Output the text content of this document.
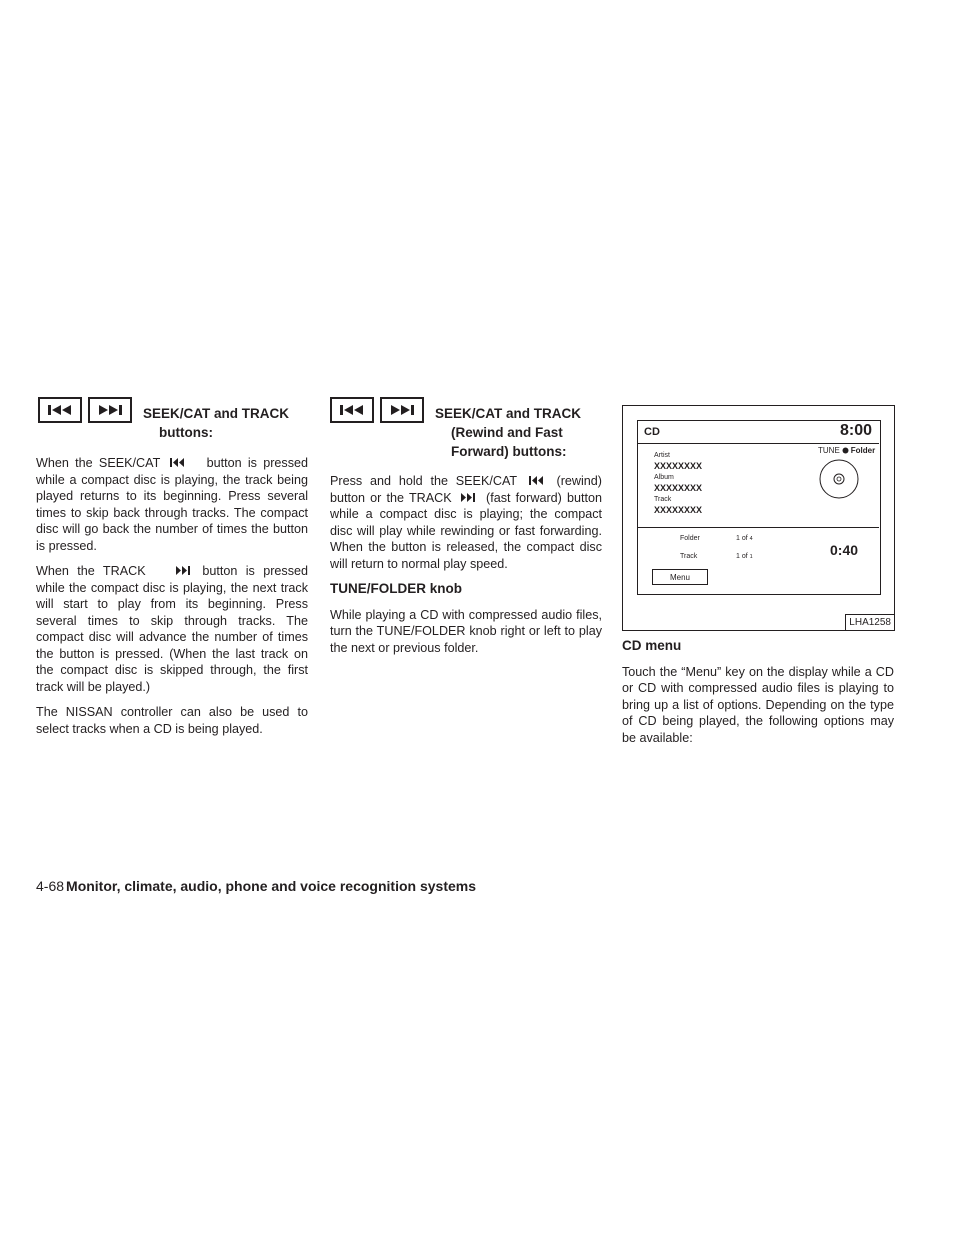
SEEK/CAT and TRACK
buttons:

When the SEEK/CAT	button is pressed while a compact disc is playing, the track being played returns to its beginning. Press several times to skip back through tracks. The compact disc will go back the number of times the button is pressed.

When the TRACK	button is pressed while the compact disc is playing, the next track will start to play from its beginning. Press several times to skip through tracks. The compact disc will advance the number of times the button is pressed. (When the last track on the compact disc is skipped through, the first track will be played.)

The NISSAN controller can also be used to select tracks when a CD is being played.

SEEK/CAT and TRACK
(Rewind and Fast
Forward) buttons:

Press and hold the SEEK/CAT	(rewind) button or the TRACK	(fast forward) button while a compact disc is playing; the compact disc will play while rewinding or fast forwarding. When the button is released, the compact disc will return to normal play speed.

TUNE/FOLDER knob

While playing a CD with compressed audio files, turn the TUNE/FOLDER knob right or left to play the next or previous folder.

CD	8:00
Artist
XXXXXXXX
Album
XXXXXXXX
Track
XXXXXXXX
TUNE Folder
Folder	1 of 4
Track	1 of 1	0:40
Menu
LHA1258

CD menu

Touch the “Menu” key on the display while a CD or CD with compressed audio files is playing to bring up a list of options. Depending on the type of CD being played, the following options may be available:

4-68 Monitor, climate, audio, phone and voice recognition systems
